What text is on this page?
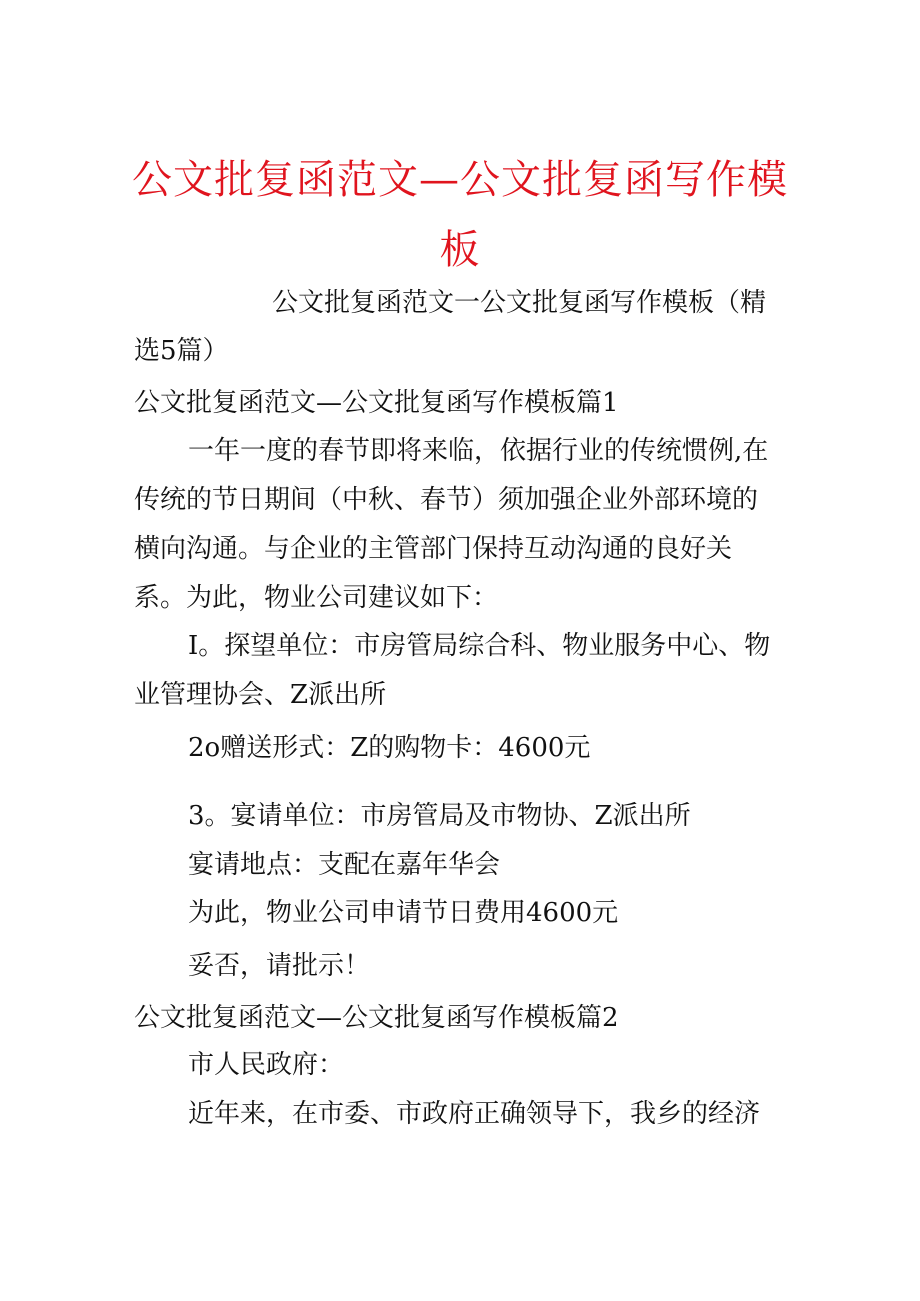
公文批复函范文—公文批复函写作模
板
公文批复函范文一公文批复函写作模板（精
选5篇）
公文批复函范文—公文批复函写作模板篇1
一年一度的春节即将来临，依据行业的传统惯例,在
传统的节日期间（中秋、春节）须加强企业外部环境的
横向沟通。与企业的主管部门保持互动沟通的良好关
系。为此，物业公司建议如下：
I。探望单位：市房管局综合科、物业服务中心、物
业管理协会、Z派出所
2o赠送形式：Z的购物卡：4600元
3。宴请单位：市房管局及市物协、Z派出所
宴请地点：支配在嘉年华会
为此，物业公司申请节日费用4600元
妥否，请批示！
公文批复函范文—公文批复函写作模板篇2
市人民政府：
近年来，在市委、市政府正确领导下，我乡的经济
